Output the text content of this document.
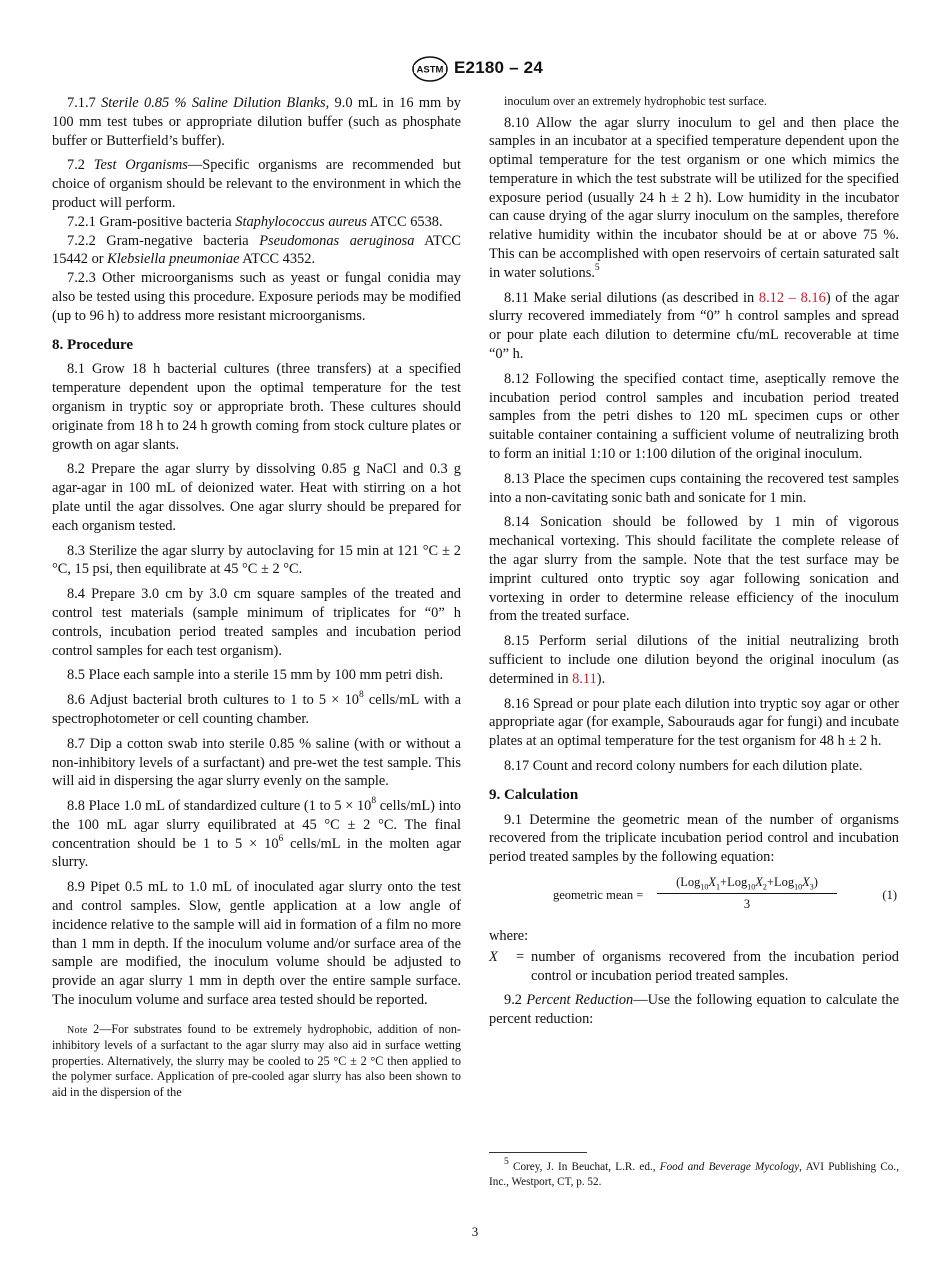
ASTM E2180 – 24

7.1.7 Sterile 0.85 % Saline Dilution Blanks, 9.0 mL in 16 mm by 100 mm test tubes or appropriate dilution buffer (such as phosphate buffer or Butterfield’s buffer).

7.2 Test Organisms—Specific organisms are recommended but choice of organism should be relevant to the environment in which the product will perform.

7.2.1 Gram-positive bacteria Staphylococcus aureus ATCC 6538.

7.2.2 Gram-negative bacteria Pseudomonas aeruginosa ATCC 15442 or Klebsiella pneumoniae ATCC 4352.

7.2.3 Other microorganisms such as yeast or fungal conidia may also be tested using this procedure. Exposure periods may be modified (up to 96 h) to address more resistant microorganisms.

8. Procedure

8.1 Grow 18 h bacterial cultures (three transfers) at a specified temperature dependent upon the optimal temperature for the test organism in tryptic soy or appropriate broth. These cultures should originate from 18 h to 24 h growth coming from stock culture plates or growth on agar slants.

8.2 Prepare the agar slurry by dissolving 0.85 g NaCl and 0.3 g agar-agar in 100 mL of deionized water. Heat with stirring on a hot plate until the agar dissolves. One agar slurry should be prepared for each organism tested.

8.3 Sterilize the agar slurry by autoclaving for 15 min at 121 °C ± 2 °C, 15 psi, then equilibrate at 45 °C ± 2 °C.

8.4 Prepare 3.0 cm by 3.0 cm square samples of the treated and control test materials (sample minimum of triplicates for “0” h controls, incubation period treated samples and incubation period control samples for each test organism).

8.5 Place each sample into a sterile 15 mm by 100 mm petri dish.

8.6 Adjust bacterial broth cultures to 1 to $5 \times 10^8$ cells/mL with a spectrophotometer or cell counting chamber.

8.7 Dip a cotton swab into sterile 0.85 % saline (with or without a non-inhibitory levels of a surfactant) and pre-wet the test sample. This will aid in dispersing the agar slurry evenly on the sample.

8.8 Place 1.0 mL of standardized culture (1 to $5 \times 10^8$ cells/mL) into the 100 mL agar slurry equilibrated at 45 °C ± 2 °C. The final concentration should be 1 to $5 \times 10^6$ cells/mL in the molten agar slurry.

8.9 Pipet 0.5 mL to 1.0 mL of inoculated agar slurry onto the test and control samples. Slow, gentle application at a low angle of incidence relative to the sample will aid in formation of a film no more than 1 mm in depth. If the inoculum volume and/or surface area of the sample are modified, the inoculum volume should be adjusted to provide an agar slurry 1 mm in depth over the entire sample surface. The inoculum volume and surface area tested should be reported.

Note 2—For substrates found to be extremely hydrophobic, addition of non-inhibitory levels of a surfactant to the agar slurry may also aid in surface wetting properties. Alternatively, the slurry may be cooled to 25 °C ± 2 °C then applied to the polymer surface. Application of pre-cooled agar slurry has also been shown to aid in the dispersion of the

inoculum over an extremely hydrophobic test surface.

8.10 Allow the agar slurry inoculum to gel and then place the samples in an incubator at a specified temperature dependent upon the optimal temperature for the test organism or one which mimics the temperature in which the test substrate will be utilized for the specified exposure period (usually 24 h ± 2 h). Low humidity in the incubator can cause drying of the agar slurry inoculum on the samples, therefore relative humidity within the incubator should be at or above 75 %. This can be accomplished with open reservoirs of certain saturated salt in water solutions.$^5$

8.11 Make serial dilutions (as described in 8.12 – 8.16) of the agar slurry recovered immediately from “0” h control samples and spread or pour plate each dilution to determine cfu/mL recoverable at time “0” h.

8.12 Following the specified contact time, aseptically remove the incubation period control samples and incubation period treated samples from the petri dishes to 120 mL specimen cups or other suitable container containing a sufficient volume of neutralizing broth to form an initial 1:10 or 1:100 dilution of the original inoculum.

8.13 Place the specimen cups containing the recovered test samples into a non-cavitating sonic bath and sonicate for 1 min.

8.14 Sonication should be followed by 1 min of vigorous mechanical vortexing. This should facilitate the complete release of the agar slurry from the sample. Note that the test surface may be imprint cultured onto tryptic soy agar following sonication and vortexing in order to determine release efficiency of the inoculum from the treated surface.

8.15 Perform serial dilutions of the initial neutralizing broth sufficient to include one dilution beyond the original inoculum (as determined in 8.11).

8.16 Spread or pour plate each dilution into tryptic soy agar or other appropriate agar (for example, Sabourauds agar for fungi) and incubate plates at an optimal temperature for the test organism for 48 h ± 2 h.

8.17 Count and record colony numbers for each dilution plate.

9. Calculation

9.1 Determine the geometric mean of the number of organisms recovered from the triplicate incubation period control and incubation period treated samples by the following equation:

geometric mean =
$(Log_{10}X_1+Log_{10}X_2+Log_{10}X_3)$
3
(1)
where:
X	= number of organisms recovered from the incubation period control or incubation period treated samples.

9.2 Percent Reduction—Use the following equation to calculate the percent reduction:

$^5$ Corey, J. In Beuchat, L.R. ed., Food and Beverage Mycology, AVI Publishing Co., Inc., Westport, CT, p. 52.
3
